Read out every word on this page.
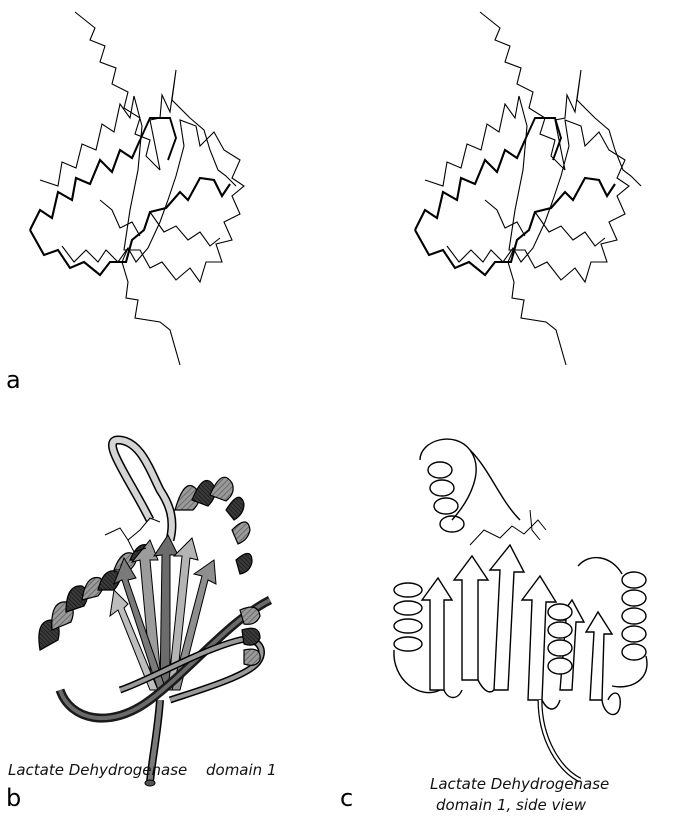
a
b	c
Lactate Dehydrogenase domain 1
Lactate Dehydrogenase
domain 1, side view
